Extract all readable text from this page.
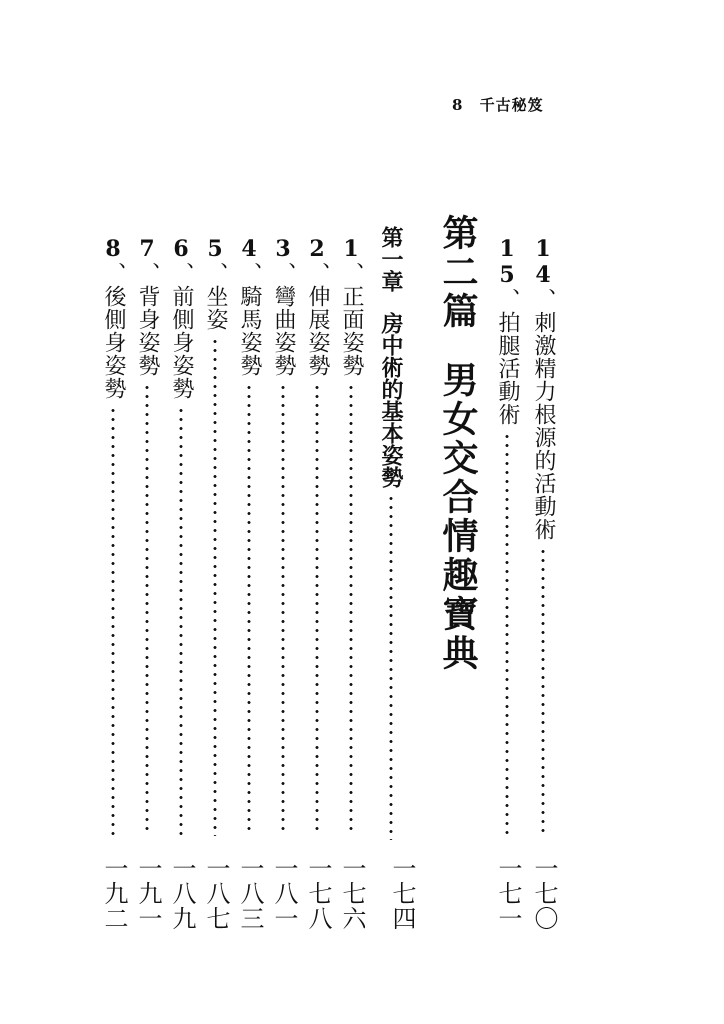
8 千古秘笈
14
、刺激精力根源的活動術
一七〇
15
、拍腿活動術
一七一
第二篇男女交合情趣寶典
第一章
房中術的基本姿勢
一七四
1
、正面姿勢
一七六
2
、伸展姿勢
一七八
3
、彎曲姿勢
一八一
4
、騎馬姿勢
一八三
5
、坐姿
一八七
6
、前側身姿勢
一八九
7
、背身姿勢
一九一
8
、後側身姿勢
一九二
